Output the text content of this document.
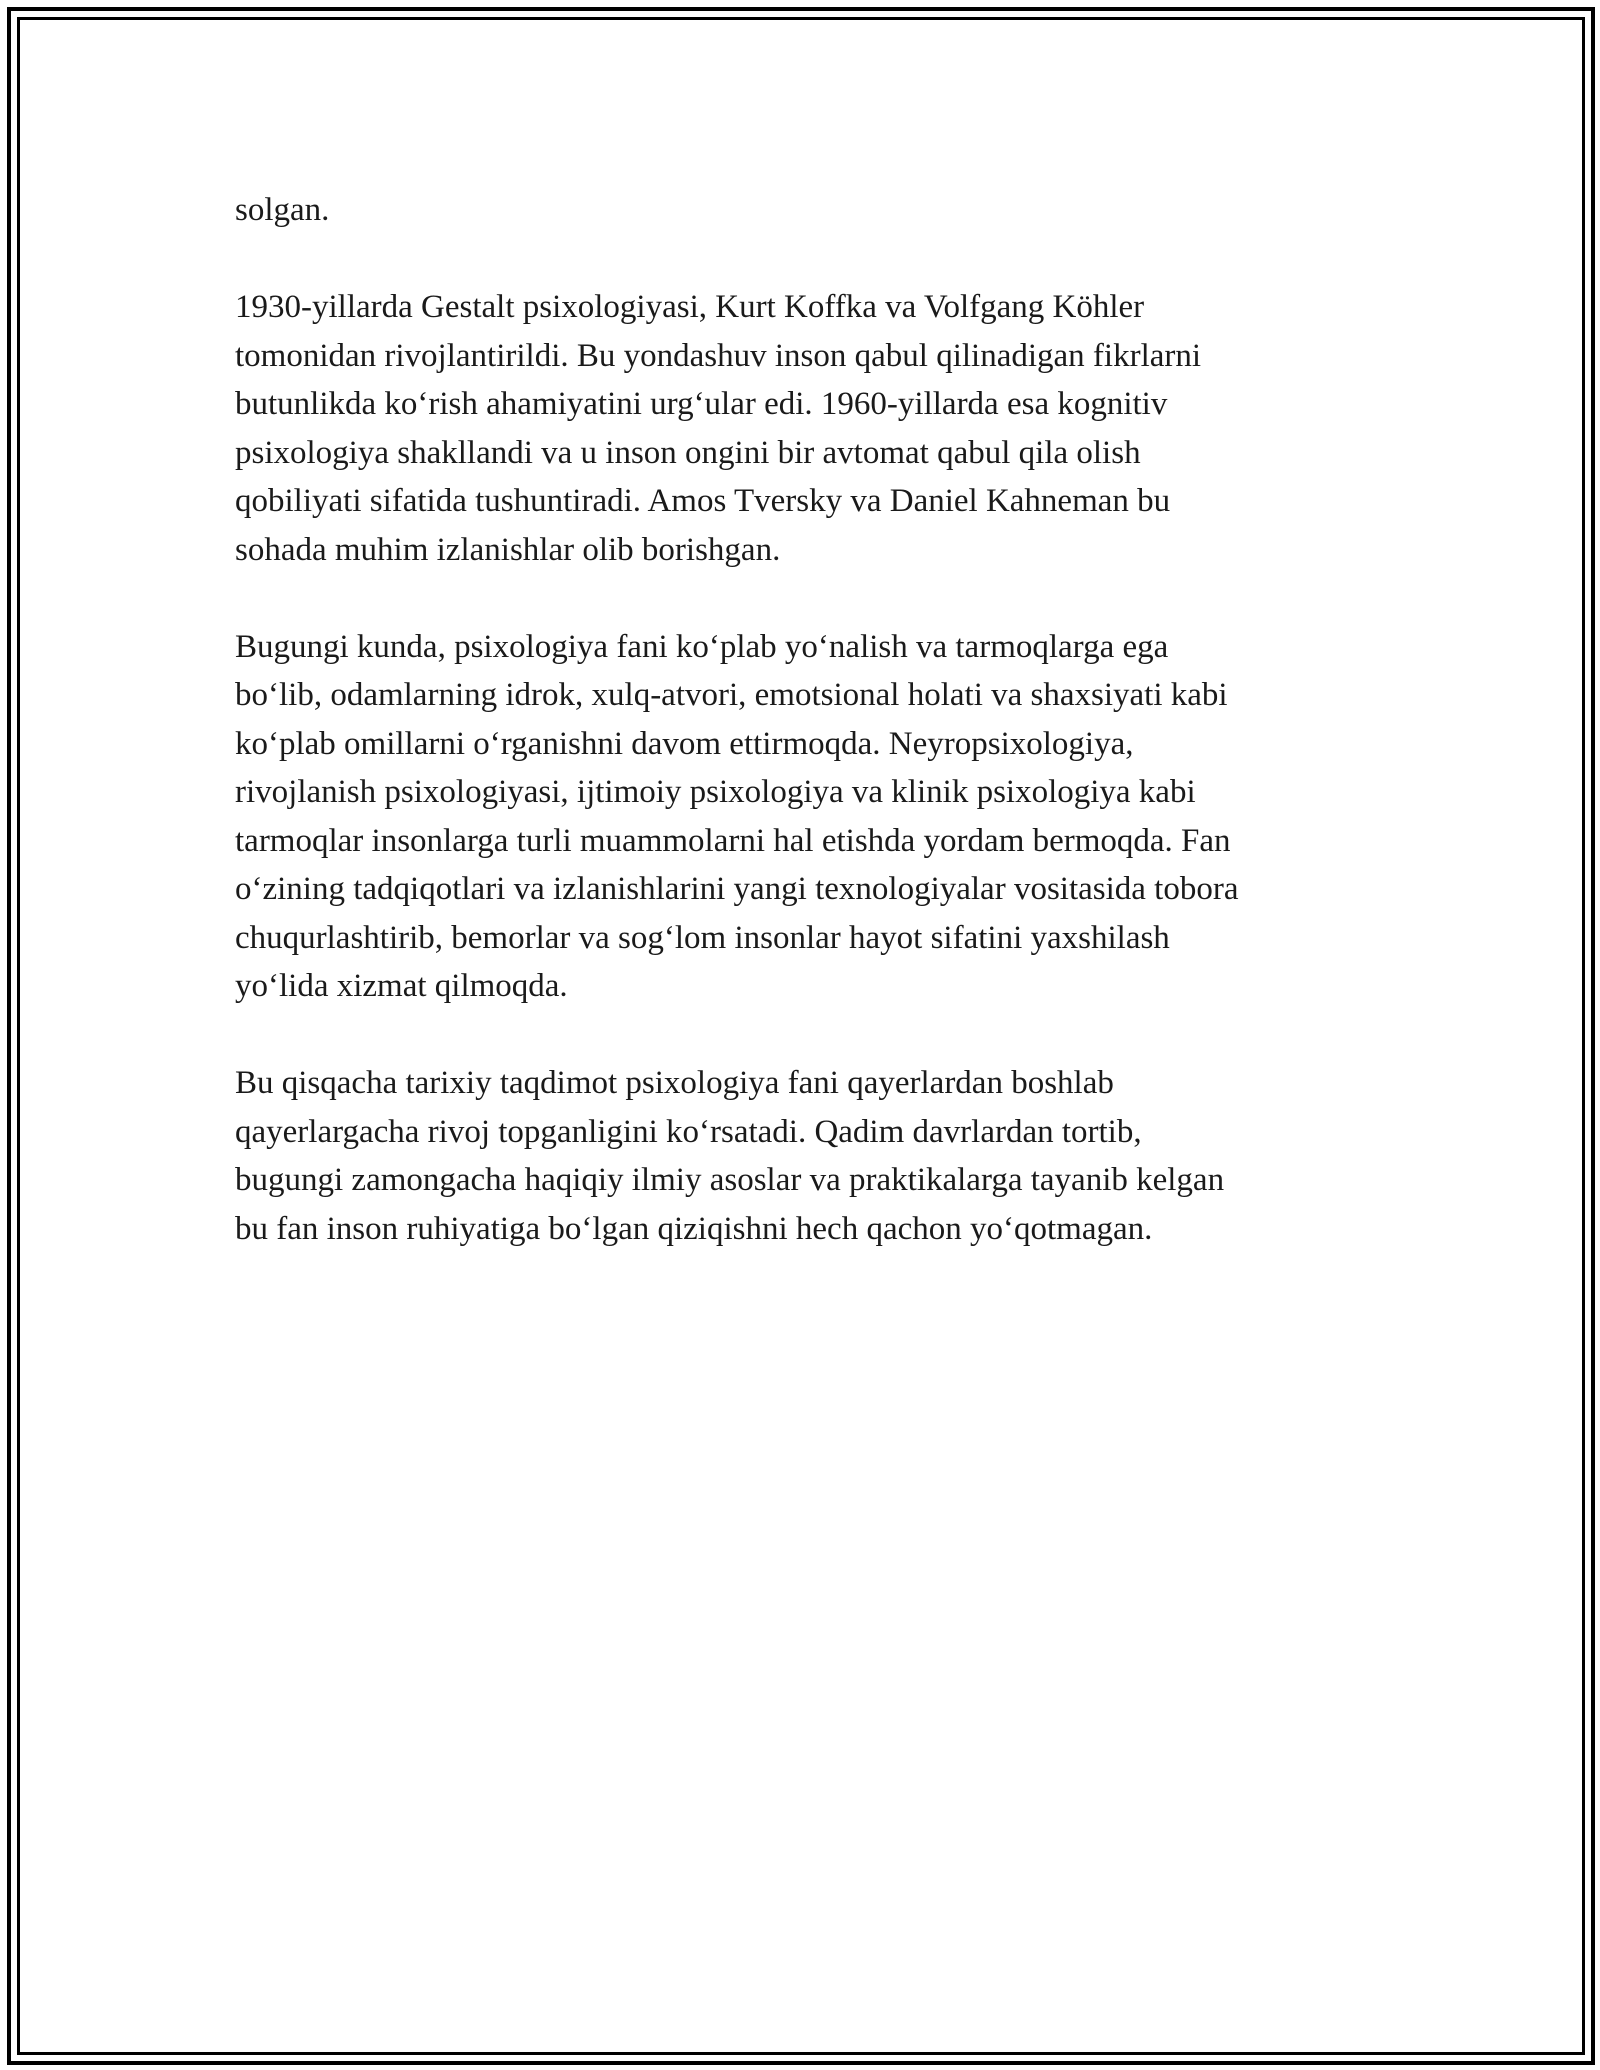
solgan.

1930-yillarda Gestalt psixologiyasi, Kurt Koffka va Volfgang Köhler
tomonidan rivojlantirildi. Bu yondashuv inson qabul qilinadigan fikrlarni
butunlikda ko‘rish ahamiyatini urg‘ular edi. 1960-yillarda esa kognitiv
psixologiya shakllandi va u inson ongini bir avtomat qabul qila olish
qobiliyati sifatida tushuntiradi. Amos Tversky va Daniel Kahneman bu
sohada muhim izlanishlar olib borishgan.

Bugungi kunda, psixologiya fani ko‘plab yo‘nalish va tarmoqlarga ega
bo‘lib, odamlarning idrok, xulq-atvori, emotsional holati va shaxsiyati kabi
ko‘plab omillarni o‘rganishni davom ettirmoqda. Neyropsixologiya,
rivojlanish psixologiyasi, ijtimoiy psixologiya va klinik psixologiya kabi
tarmoqlar insonlarga turli muammolarni hal etishda yordam bermoqda. Fan
o‘zining tadqiqotlari va izlanishlarini yangi texnologiyalar vositasida tobora
chuqurlashtirib, bemorlar va sog‘lom insonlar hayot sifatini yaxshilash
yo‘lida xizmat qilmoqda.

Bu qisqacha tarixiy taqdimot psixologiya fani qayerlardan boshlab
qayerlargacha rivoj topganligini ko‘rsatadi. Qadim davrlardan tortib,
bugungi zamongacha haqiqiy ilmiy asoslar va praktikalarga tayanib kelgan
bu fan inson ruhiyatiga bo‘lgan qiziqishni hech qachon yo‘qotmagan.
